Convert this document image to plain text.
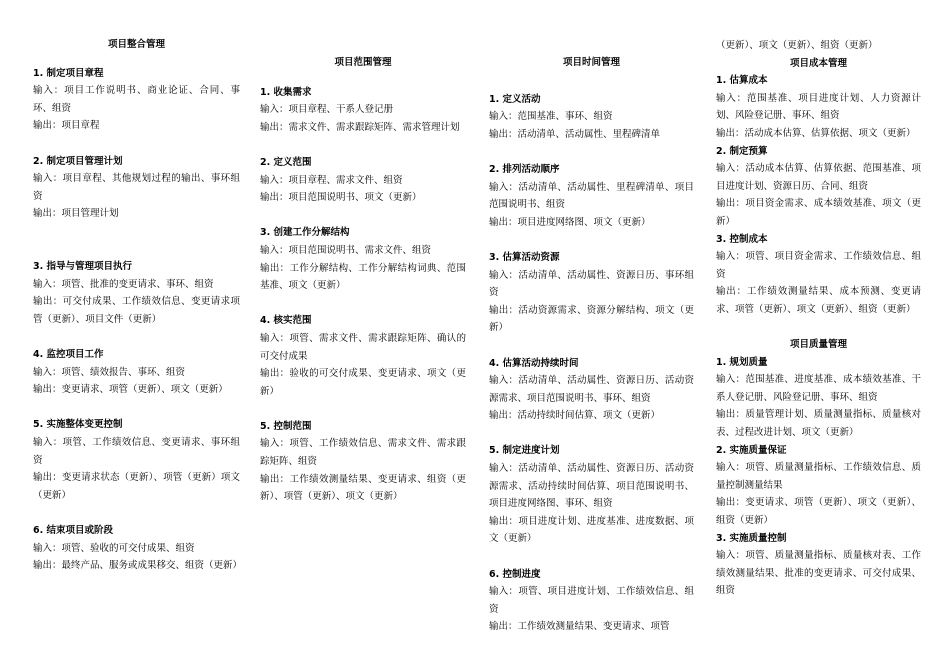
项目整合管理
1. 制定项目章程
输入：项目工作说明书、商业论证、合同、事环、组资
输出：项目章程
2. 制定项目管理计划
输入：项目章程、其他规划过程的输出、事环组资
输出：项目管理计划
3. 指导与管理项目执行
输入：项管、批准的变更请求、事环、组资
输出：可交付成果、工作绩效信息、变更请求项管（更新）、项目文件（更新）
4. 监控项目工作
输入：项管、绩效报告、事环、组资
输出：变更请求、项管（更新）、项文（更新）
5. 实施整体变更控制
输入：项管、工作绩效信息、变更请求、事环组资
输出：变更请求状态（更新）、项管（更新）项文（更新）
6. 结束项目或阶段
输入：项管、验收的可交付成果、组资
输出：最终产品、服务或成果移交、组资（更新）
项目范围管理
1. 收集需求
输入：项目章程、干系人登记册
输出：需求文件、需求跟踪矩阵、需求管理计划
2. 定义范围
输入：项目章程、需求文件、组资
输出：项目范围说明书、项文（更新）
3. 创建工作分解结构
输入：项目范围说明书、需求文件、组资
输出：工作分解结构、工作分解结构词典、范围基准、项文（更新）
4. 核实范围
输入：项管、需求文件、需求跟踪矩阵、确认的可交付成果
输出：验收的可交付成果、变更请求、项文（更新）
5. 控制范围
输入：项管、工作绩效信息、需求文件、需求跟踪矩阵、组资
输出：工作绩效测量结果、变更请求、组资（更新）、项管（更新）、项文（更新）
项目时间管理
1. 定义活动
输入：范围基准、事环、组资
输出：活动清单、活动属性、里程碑清单
2. 排列活动顺序
输入：活动清单、活动属性、里程碑清单、项目范围说明书、组资
输出：项目进度网络图、项文（更新）
3. 估算活动资源
输入：活动清单、活动属性、资源日历、事环组资
输出：活动资源需求、资源分解结构、项文（更新）
4. 估算活动持续时间
输入：活动清单、活动属性、资源日历、活动资源需求、项目范围说明书、事环、组资
输出：活动持续时间估算、项文（更新）
5. 制定进度计划
输入：活动清单、活动属性、资源日历、活动资源需求、活动持续时间估算、项目范围说明书、项目进度网络图、事环、组资
输出：项目进度计划、进度基准、进度数据、项文（更新）
6. 控制进度
输入：项管、项目进度计划、工作绩效信息、组资
输出：工作绩效测量结果、变更请求、项管
（更新）、项文（更新）、组资（更新）
项目成本管理
1. 估算成本
输入：范围基准、项目进度计划、人力资源计划、风险登记册、事环、组资
输出：活动成本估算、估算依据、项文（更新）
2. 制定预算
输入：活动成本估算、估算依据、范围基准、项目进度计划、资源日历、合同、组资
输出：项目资金需求、成本绩效基准、项文（更新）
3. 控制成本
输入：项管、项目资金需求、工作绩效信息、组资
输出：工作绩效测量结果、成本预测、变更请求、项管（更新）、项文（更新）、组资（更新）
项目质量管理
1. 规划质量
输入：范围基准、进度基准、成本绩效基准、干系人登记册、风险登记册、事环、组资
输出：质量管理计划、质量测量指标、质量核对表、过程改进计划、项文（更新）
2. 实施质量保证
输入：项管、质量测量指标、工作绩效信息、质量控制测量结果
输出：变更请求、项管（更新）、项文（更新）、组资（更新）
3. 实施质量控制
输入：项管、质量测量指标、质量核对表、工作绩效测量结果、批准的变更请求、可交付成果、组资
